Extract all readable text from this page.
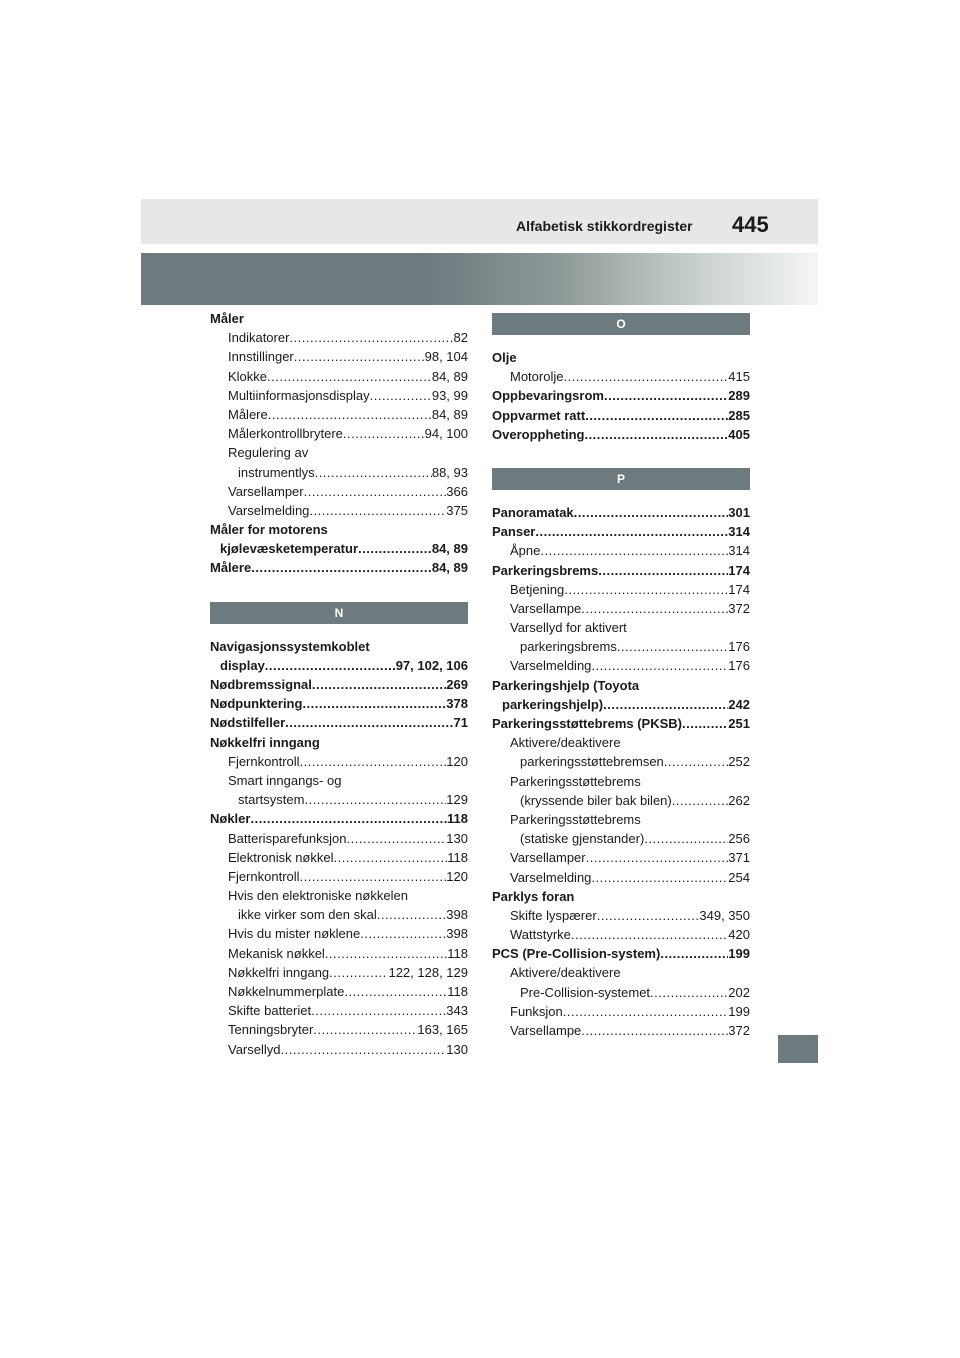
Alfabetisk stikkordregister 445
Måler
Indikatorer .....	82
Innstillinger .....	98, 104
Klokke .....	84, 89
Multiinformasjonsdisplay .....	93, 99
Målere .....	84, 89
Målerkontrollbrytere .....	94, 100
Regulering av
instrumentlys .....	88, 93
Varsellamper .....	366
Varselmelding .....	375
Måler for motorens
kjølevæsketemperatur .....	84, 89
Målere .....	84, 89
N
Navigasjonssystemkoblet
display .....	97, 102, 106
Nødbremssignal .....	269
Nødpunktering .....	378
Nødstilfeller .....	71
Nøkkelfri inngang
Fjernkontroll .....	120
Smart inngangs- og
startsystem .....	129
Nøkler .....	118
Batterisparefunksjon .....	130
Elektronisk nøkkel .....	118
Fjernkontroll .....	120
Hvis den elektroniske nøkkelen
ikke virker som den skal .....	398
Hvis du mister nøklene .....	398
Mekanisk nøkkel .....	118
Nøkkelfri inngang .....	122, 128, 129
Nøkkelnummerplate .....	118
Skifte batteriet .....	343
Tenningsbryter .....	163, 165
Varsellyd .....	130
O
Olje
Motorolje .....	415
Oppbevaringsrom .....	289
Oppvarmet ratt .....	285
Overoppheting .....	405
P
Panoramatak .....	301
Panser .....	314
Åpne .....	314
Parkeringsbrems .....	174
Betjening .....	174
Varsellampe .....	372
Varsellyd for aktivert
parkeringsbrems .....	176
Varselmelding .....	176
Parkeringshjelp (Toyota
parkeringshjelp) .....	242
Parkeringsstøttebrems (PKSB) .....	251
Aktivere/deaktivere
parkeringsstøttebremsen .....	252
Parkeringsstøttebrems
(kryssende biler bak bilen) .....	262
Parkeringsstøttebrems
(statiske gjenstander) .....	256
Varsellamper .....	371
Varselmelding .....	254
Parklys foran
Skifte lyspærer .....	349, 350
Wattstyrke .....	420
PCS (Pre-Collision-system) .....	199
Aktivere/deaktivere
Pre-Collision-systemet .....	202
Funksjon .....	199
Varsellampe .....	372
